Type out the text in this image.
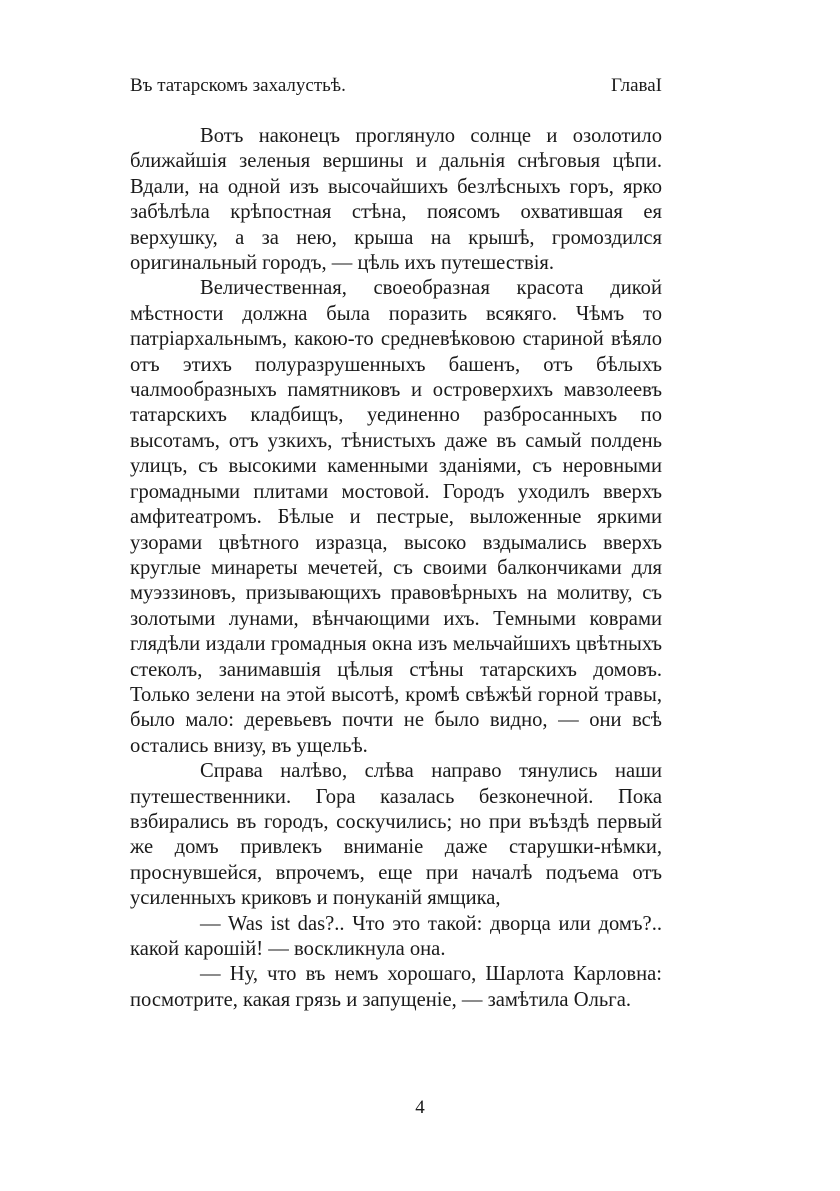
Въ татарскомъ захалустьѣ.	ГлаваI

Вотъ наконецъ проглянуло солнце и озолотило ближайшія зеленыя вершины и дальнія снѣговыя цѣпи. Вдали, на одной изъ высочайшихъ безлѣсныхъ горъ, ярко забѣлѣла крѣпостная стѣна, поясомъ охватившая ея верхушку, а за нею, крыша на крышѣ, громоздился оригинальный городъ, — цѣль ихъ путешествія.

Величественная, своеобразная красота дикой мѣстности должна была поразить всякяго. Чѣмъ то патріархальнымъ, какою-то средневѣковою стариной вѣяло отъ этихъ полуразрушенныхъ башенъ, отъ бѣлыхъ чалмообразныхъ памятниковъ и островерхихъ мавзолеевъ татарскихъ кладбищъ, уединенно разбросанныхъ по высотамъ, отъ узкихъ, тѣнистыхъ даже въ самый полдень улицъ, съ высокими каменными зданіями, съ неровными громадными плитами мостовой. Городъ уходилъ вверхъ амфитеатромъ. Бѣлые и пестрые, выложенные яркими узорами цвѣтного изразца, высоко вздымались вверхъ круглые минареты мечетей, съ своими балкончиками для муэззиновъ, призывающихъ правовѣрныхъ на молитву, съ золотыми лунами, вѣнчающими ихъ. Темными коврами глядѣли издали громадныя окна изъ мельчайшихъ цвѣтныхъ стеколъ, занимавшія цѣлыя стѣны татарскихъ домовъ. Только зелени на этой высотѣ, кромѣ свѣжѣй горной травы, было мало: деревьевъ почти не было видно, — они всѣ остались внизу, въ ущельѣ.

Справа налѣво, слѣва направо тянулись наши путешественники. Гора казалась безконечной. Пока взбирались въ городъ, соскучились; но при въѣздѣ первый же домъ привлекъ вниманіе даже старушки-нѣмки, проснувшейся, впрочемъ, еще при началѣ подъема отъ усиленныхъ криковъ и понуканій ямщика,

— Was ist das?.. Что это такой: дворца или домъ?.. какой карошій! — воскликнула она.

— Ну, что въ немъ хорошаго, Шарлота Карловна: посмотрите, какая грязь и запущеніе, — замѣтила Ольга.

4
